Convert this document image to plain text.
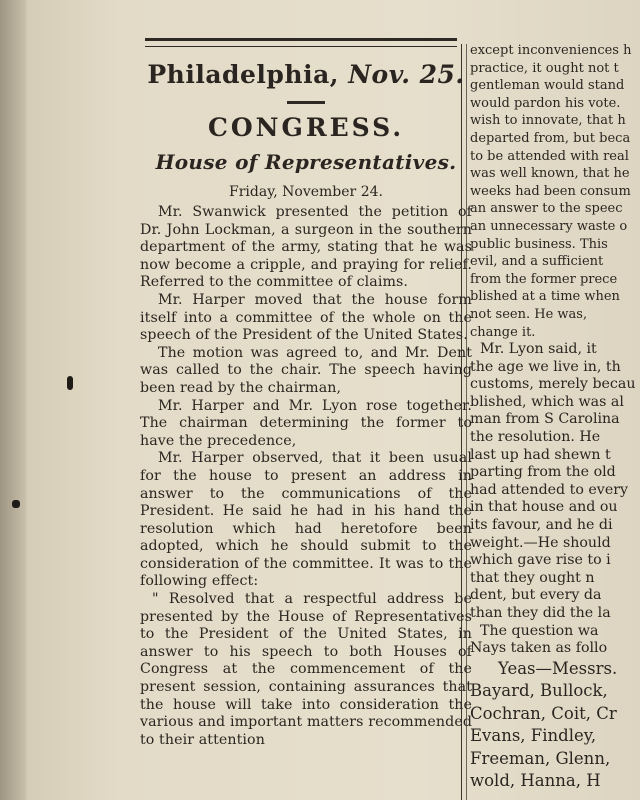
Philadelphia, Nov. 25.
CONGRESS.
House of Representatives.
Friday, November 24.

Mr. Swanwick presented the petition of Dr. John Lockman, a surgeon in the southern department of the army, stating that he was now become a cripple, and praying for relief. Referred to the committee of claims.

Mr. Harper moved that the house form itself into a committee of the whole on the speech of the President of the United States.

The motion was agreed to, and Mr. Dent was called to the chair. The speech having been read by the chairman,

Mr. Harper and Mr. Lyon rose together. The chairman determining the former to have the precedence,

Mr. Harper observed, that it been usual for the house to present an address in answer to the communications of the President. He said he had in his hand the resolution which had heretofore been adopted, which he should submit to the consideration of the committee. It was to the following effect:

" Resolved that a respectful address be presented by the House of Representatives to the President of the United States, in answer to his speech to both Houses of Congress at the commencement of the present session, containing assurances that the house will take into consideration the various and important matters recommended to their attention

except inconveniences h

practice, it ought not t

gentleman would stand

would pardon his vote.

wish to innovate, that h

departed from, but beca

to be attended with real

was well known, that he

weeks had been consum

an answer to the speec

an unnecessary waste o

public business. This

evil, and a sufficient

from the former prece

blished at a time when

not seen. He was,

change it.

Mr. Lyon said, it

the age we live in, th

customs, merely becau

blished, which was al

man from S Carolina

the resolution. He

last up had shewn t

parting from the old

had attended to every

in that house and ou

its favour, and he di

weight.—He should

which gave rise to i

that they ought n

dent, but every da

than they did the la

The question wa

Nays taken as follo

Yeas—Messrs.

Bayard, Bullock,

Cochran, Coit, Cr

Evans, Findley,

Freeman, Glenn,

wold, Hanna, H
